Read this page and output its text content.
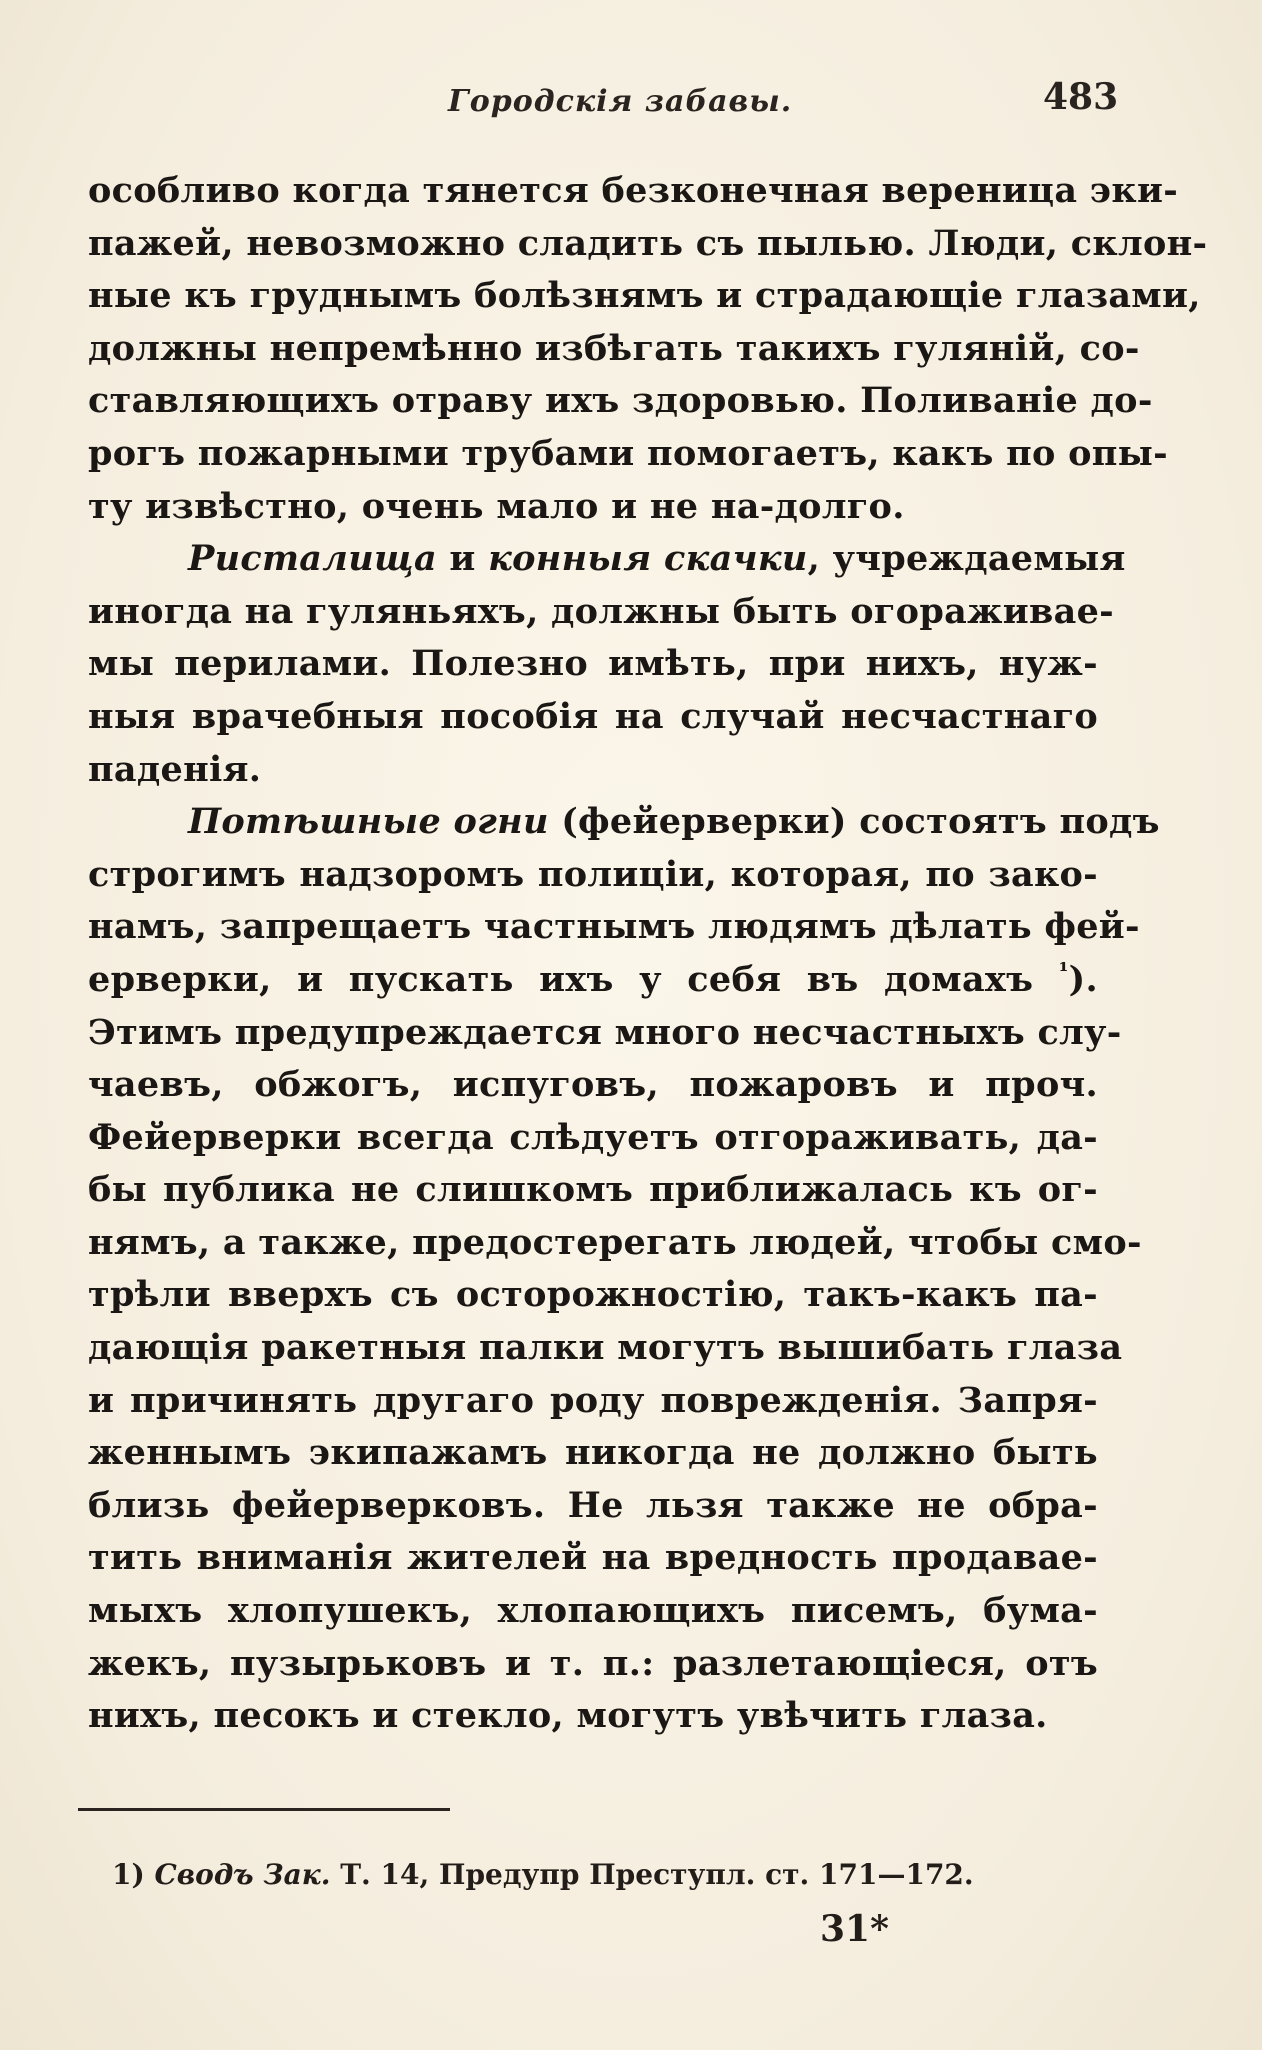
Городскія забавы.	483
особливо когда тянется безконечная вереница эки-
пажей, невозможно сладить съ пылью. Люди, склон-
ные къ груднымъ болѣзнямъ и страдающіе глазами,
должны непремѣнно избѣгать такихъ гуляній, со-
ставляющихъ отраву ихъ здоровью. Поливаніе до-
рогъ пожарными трубами помогаетъ, какъ по опы-
ту извѣстно, очень мало и не на-долго.
Ристалища и конныя скачки, учреждаемыя
иногда на гуляньяхъ, должны быть огораживае-
мы перилами. Полезно имѣть, при нихъ, нуж-
ныя врачебныя пособія на случай несчастнаго
паденія.
Потѣшные огни (фейерверки) состоятъ подъ
строгимъ надзоромъ полиціи, которая, по зако-
намъ, запрещаетъ частнымъ людямъ дѣлать фей-
ерверки, и пускать ихъ у себя въ домахъ $^{^1}$).
Этимъ предупреждается много несчастныхъ слу-
чаевъ, обжогъ, испуговъ, пожаровъ и проч.
Фейерверки всегда слѣдуетъ отгораживать, да-
бы публика не слишкомъ приближалась къ ог-
нямъ, а также, предостерегать людей, чтобы смо-
трѣли вверхъ съ осторожностію, такъ-какъ па-
дающія ракетныя палки могутъ вышибать глаза
и причинять другаго роду поврежденія. Запря-
женнымъ экипажамъ никогда не должно быть
близь фейерверковъ. Не льзя также не обра-
тить вниманія жителей на вредность продавае-
мыхъ хлопушекъ, хлопающихъ писемъ, бума-
жекъ, пузырьковъ и т. п.: разлетающіеся, отъ
нихъ, песокъ и стекло, могутъ увѣчить глаза.
1) Сводъ Зак. Т. 14, Предупр Преступл. ст. 171—172.
31*
